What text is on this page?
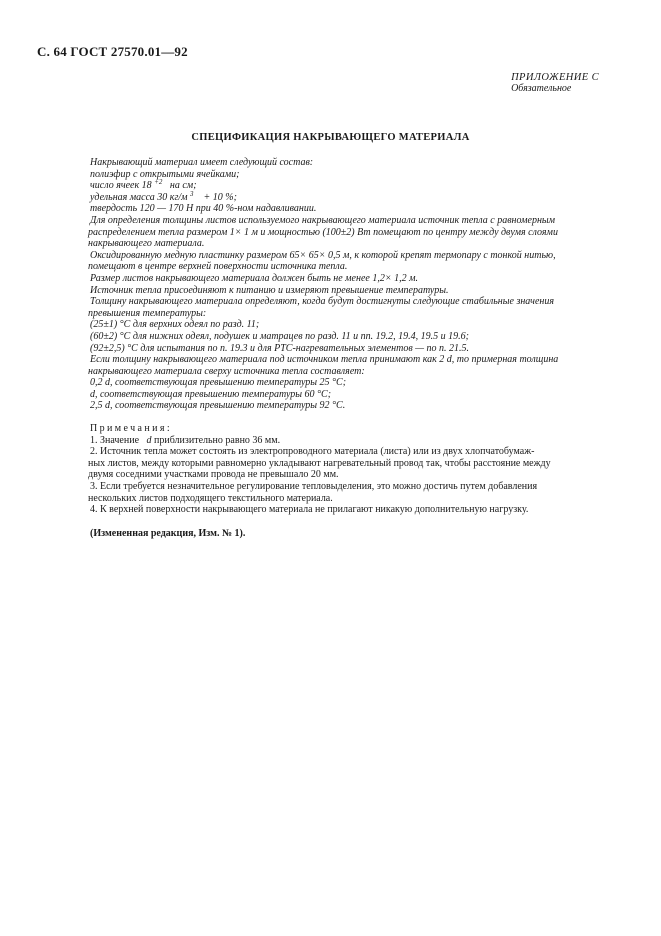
С. 64 ГОСТ 27570.01—92
ПРИЛОЖЕНИЕ С
Обязательное
СПЕЦИФИКАЦИЯ НАКРЫВАЮЩЕГО МАТЕРИАЛА
Накрывающий материал имеет следующий состав:
полиэфир с открытыми ячейками;
число ячеек 18 $^{+2}$ на см;
удельная масса 30 кг/м $^3$ + 10 %;
твердость 120 — 170 Н при 40 %-ном надавливании.
Для определения толщины листов используемого накрывающего материала источник тепла с равномерным
распределением тепла размером 1× 1 м и мощностью (100±2) Вт помещают по центру между двумя слоями
накрывающего материала.
Оксидированную медную пластинку размером 65× 65× 0,5 м, к которой крепят термопару с тонкой нитью,
помещают в центре верхней поверхности источника тепла.
Размер листов накрывающего материала должен быть не менее 1,2× 1,2 м.
Источник тепла присоединяют к питанию и измеряют превышение температуры.
Толщину накрывающего материала определяют, когда будут достигнуты следующие стабильные значения
превышения температуры:
(25±1) °С для верхних одеял по разд. 11;
(60±2) °С для нижних одеял, подушек и матрацев по разд. 11 и пп. 19.2, 19.4, 19.5 и 19.6;
(92±2,5) °С для испытания по п. 19.3 и для PTC-нагревательных элементов — по п. 21.5.
Если толщину накрывающего материала под источником тепла принимают как 2 d, то примерная толщина
накрывающего материала сверху источника тепла составляет:
0,2 d, соответствующая превышению температуры 25 °С;
d, соответствующая превышению температуры 60 °С;
2,5 d, соответствующая превышению температуры 92 °С.
Примечания:
1. Значение d приблизительно равно 36 мм.
2. Источник тепла может состоять из электропроводного материала (листа) или из двух хлопчатобумаж-
ных листов, между которыми равномерно укладывают нагревательный провод так, чтобы расстояние между
двумя соседними участками провода не превышало 20 мм.
3. Если требуется незначительное регулирование тепловыделения, это можно достичь путем добавления
нескольких листов подходящего текстильного материала.
4. К верхней поверхности накрывающего материала не прилагают никакую дополнительную нагрузку.
(Измененная редакция, Изм. № 1).
